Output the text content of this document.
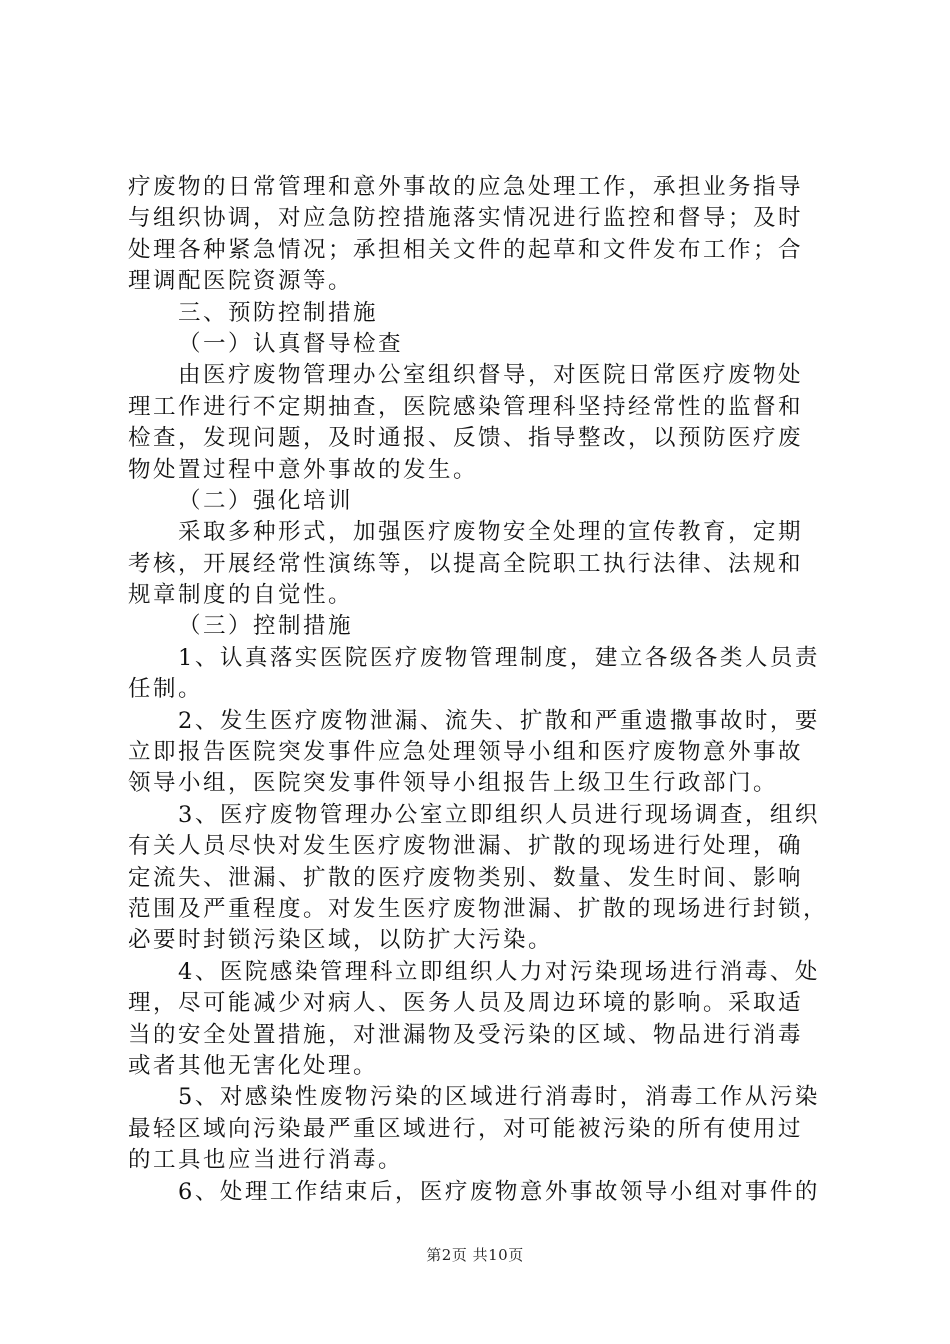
疗废物的日常管理和意外事故的应急处理工作，承担业务指导
与组织协调，对应急防控措施落实情况进行监控和督导；及时
处理各种紧急情况；承担相关文件的起草和文件发布工作；合
理调配医院资源等。
三、预防控制措施
（一）认真督导检查
由医疗废物管理办公室组织督导，对医院日常医疗废物处
理工作进行不定期抽查，医院感染管理科坚持经常性的监督和
检查，发现问题，及时通报、反馈、指导整改，以预防医疗废
物处置过程中意外事故的发生。
（二）强化培训
采取多种形式，加强医疗废物安全处理的宣传教育，定期
考核，开展经常性演练等，以提高全院职工执行法律、法规和
规章制度的自觉性。
（三）控制措施
1、认真落实医院医疗废物管理制度，建立各级各类人员责
任制。
2、发生医疗废物泄漏、流失、扩散和严重遗撒事故时，要
立即报告医院突发事件应急处理领导小组和医疗废物意外事故
领导小组，医院突发事件领导小组报告上级卫生行政部门。
3、医疗废物管理办公室立即组织人员进行现场调查，组织
有关人员尽快对发生医疗废物泄漏、扩散的现场进行处理，确
定流失、泄漏、扩散的医疗废物类别、数量、发生时间、影响
范围及严重程度。对发生医疗废物泄漏、扩散的现场进行封锁，
必要时封锁污染区域，以防扩大污染。
4、医院感染管理科立即组织人力对污染现场进行消毒、处
理，尽可能减少对病人、医务人员及周边环境的影响。采取适
当的安全处置措施，对泄漏物及受污染的区域、物品进行消毒
或者其他无害化处理。
5、对感染性废物污染的区域进行消毒时，消毒工作从污染
最轻区域向污染最严重区域进行，对可能被污染的所有使用过
的工具也应当进行消毒。
6、处理工作结束后，医疗废物意外事故领导小组对事件的
第2页 共10页
